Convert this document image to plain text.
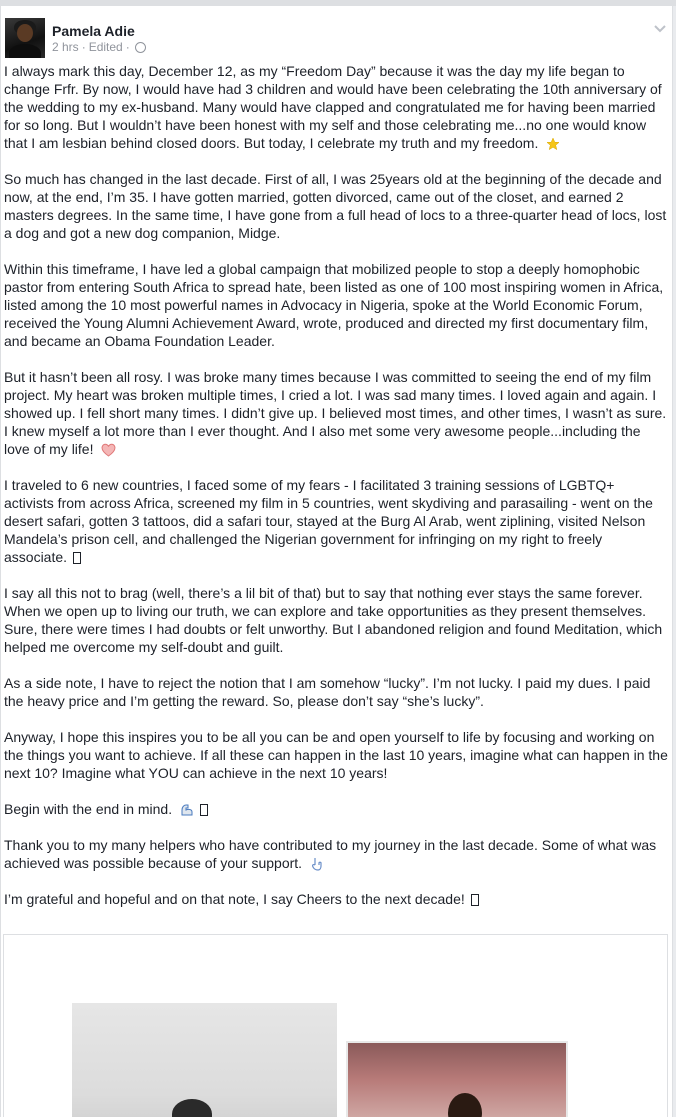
Pamela Adie
2 hrs · Edited ·

I always mark this day, December 12, as my “Freedom Day” because it was the day my life began to change Frfr. By now, I would have had 3 children and would have been celebrating the 10th anniversary of the wedding to my ex-husband. Many would have clapped and congratulated me for having been married for so long. But I wouldn’t have been honest with my self and those celebrating me...no one would know that I am lesbian behind closed doors. But today, I celebrate my truth and my freedom.

So much has changed in the last decade. First of all, I was 25years old at the beginning of the decade and now, at the end, I’m 35. I have gotten married, gotten divorced, came out of the closet, and earned 2 masters degrees. In the same time, I have gone from a full head of locs to a three-quarter head of locs, lost a dog and got a new dog companion, Midge.

Within this timeframe, I have led a global campaign that mobilized people to stop a deeply homophobic pastor from entering South Africa to spread hate, been listed as one of 100 most inspiring women in Africa, listed among the 10 most powerful names in Advocacy in Nigeria, spoke at the World Economic Forum, received the Young Alumni Achievement Award, wrote, produced and directed my first documentary film, and became an Obama Foundation Leader.

But it hasn’t been all rosy. I was broke many times because I was committed to seeing the end of my film project. My heart was broken multiple times, I cried a lot. I was sad many times. I loved again and again. I showed up. I fell short many times. I didn’t give up. I believed most times, and other times, I wasn’t as sure. I knew myself a lot more than I ever thought. And I also met some very awesome people...including the love of my life!

I traveled to 6 new countries, I faced some of my fears - I facilitated 3 training sessions of LGBTQ+ activists from across Africa, screened my film in 5 countries, went skydiving and parasailing - went on the desert safari, gotten 3 tattoos, did a safari tour, stayed at the Burg Al Arab, went ziplining, visited Nelson Mandela’s prison cell, and challenged the Nigerian government for infringing on my right to freely associate.

I say all this not to brag (well, there’s a lil bit of that) but to say that nothing ever stays the same forever. When we open up to living our truth, we can explore and take opportunities as they present themselves. Sure, there were times I had doubts or felt unworthy. But I abandoned religion and found Meditation, which helped me overcome my self-doubt and guilt.

As a side note, I have to reject the notion that I am somehow “lucky”. I’m not lucky. I paid my dues. I paid the heavy price and I’m getting the reward. So, please don’t say “she’s lucky”.

Anyway, I hope this inspires you to be all you can be and open yourself to life by focusing and working on the things you want to achieve. If all these can happen in the last 10 years, imagine what can happen in the next 10? Imagine what YOU can achieve in the next 10 years!

Begin with the end in mind.

Thank you to my many helpers who have contributed to my journey in the last decade. Some of what was achieved was possible because of your support.

I’m grateful and hopeful and on that note, I say Cheers to the next decade!
